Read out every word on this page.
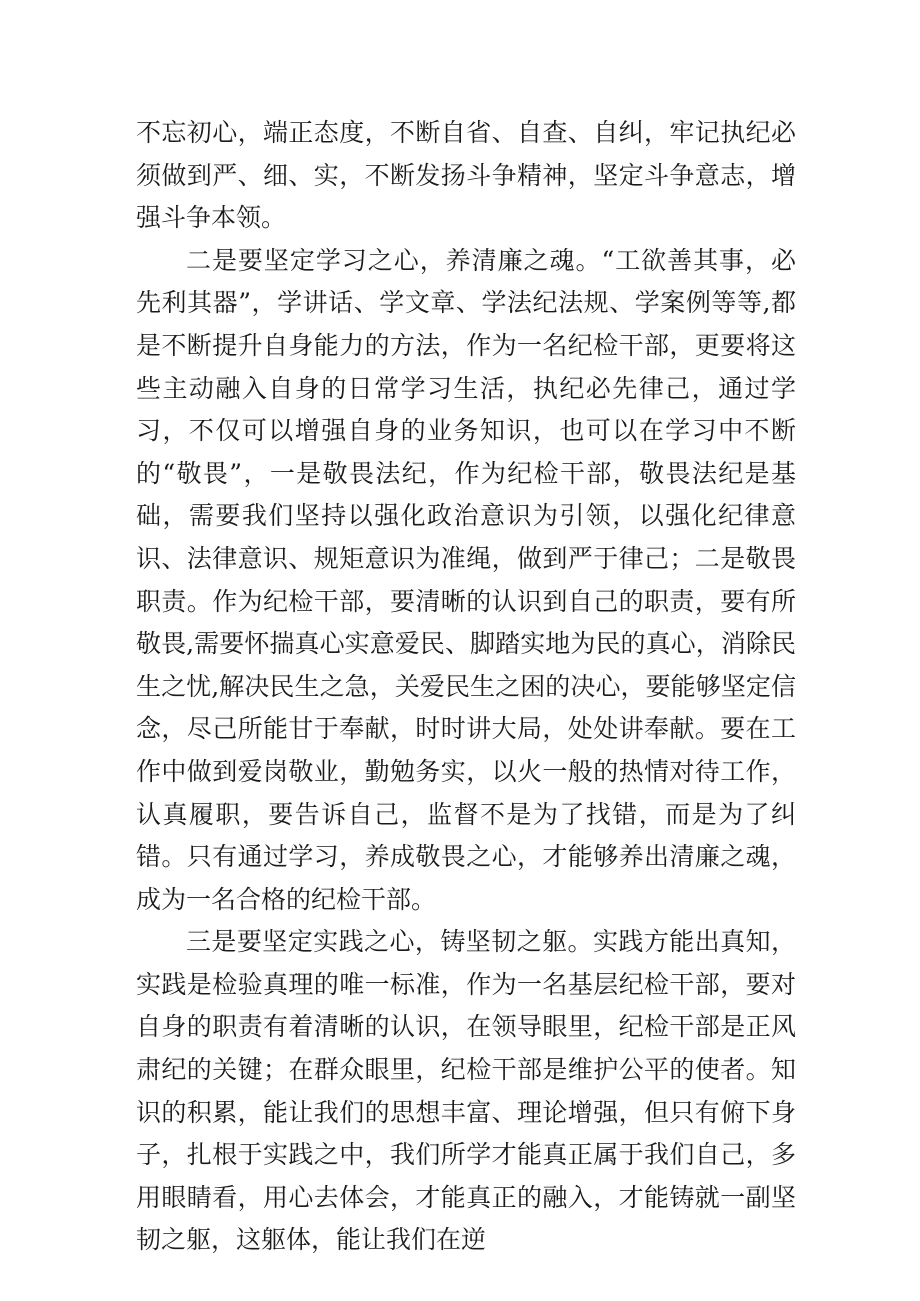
不忘初心，端正态度，不断自省、自查、自纠，牢记执纪必须做到严、细、实，不断发扬斗争精神，坚定斗争意志，增强斗争本领。

二是要坚定学习之心，养清廉之魂。“工欲善其事，必先利其器”，学讲话、学文章、学法纪法规、学案例等等,都是不断提升自身能力的方法，作为一名纪检干部，更要将这些主动融入自身的日常学习生活，执纪必先律己，通过学习，不仅可以增强自身的业务知识，也可以在学习中不断的“敬畏”，一是敬畏法纪，作为纪检干部，敬畏法纪是基础，需要我们坚持以强化政治意识为引领，以强化纪律意识、法律意识、规矩意识为准绳，做到严于律己；二是敬畏职责。作为纪检干部，要清晰的认识到自己的职责，要有所敬畏,需要怀揣真心实意爱民、脚踏实地为民的真心，消除民生之忧,解决民生之急，关爱民生之困的决心，要能够坚定信念，尽己所能甘于奉献，时时讲大局，处处讲奉献。要在工作中做到爱岗敬业，勤勉务实，以火一般的热情对待工作，认真履职，要告诉自己，监督不是为了找错，而是为了纠错。只有通过学习，养成敬畏之心，才能够养出清廉之魂，成为一名合格的纪检干部。

三是要坚定实践之心，铸坚韧之躯。实践方能出真知，实践是检验真理的唯一标准，作为一名基层纪检干部，要对自身的职责有着清晰的认识，在领导眼里，纪检干部是正风肃纪的关键；在群众眼里，纪检干部是维护公平的使者。知识的积累，能让我们的思想丰富、理论增强，但只有俯下身子，扎根于实践之中，我们所学才能真正属于我们自己，多用眼睛看，用心去体会，才能真正的融入，才能铸就一副坚韧之躯，这躯体，能让我们在逆
